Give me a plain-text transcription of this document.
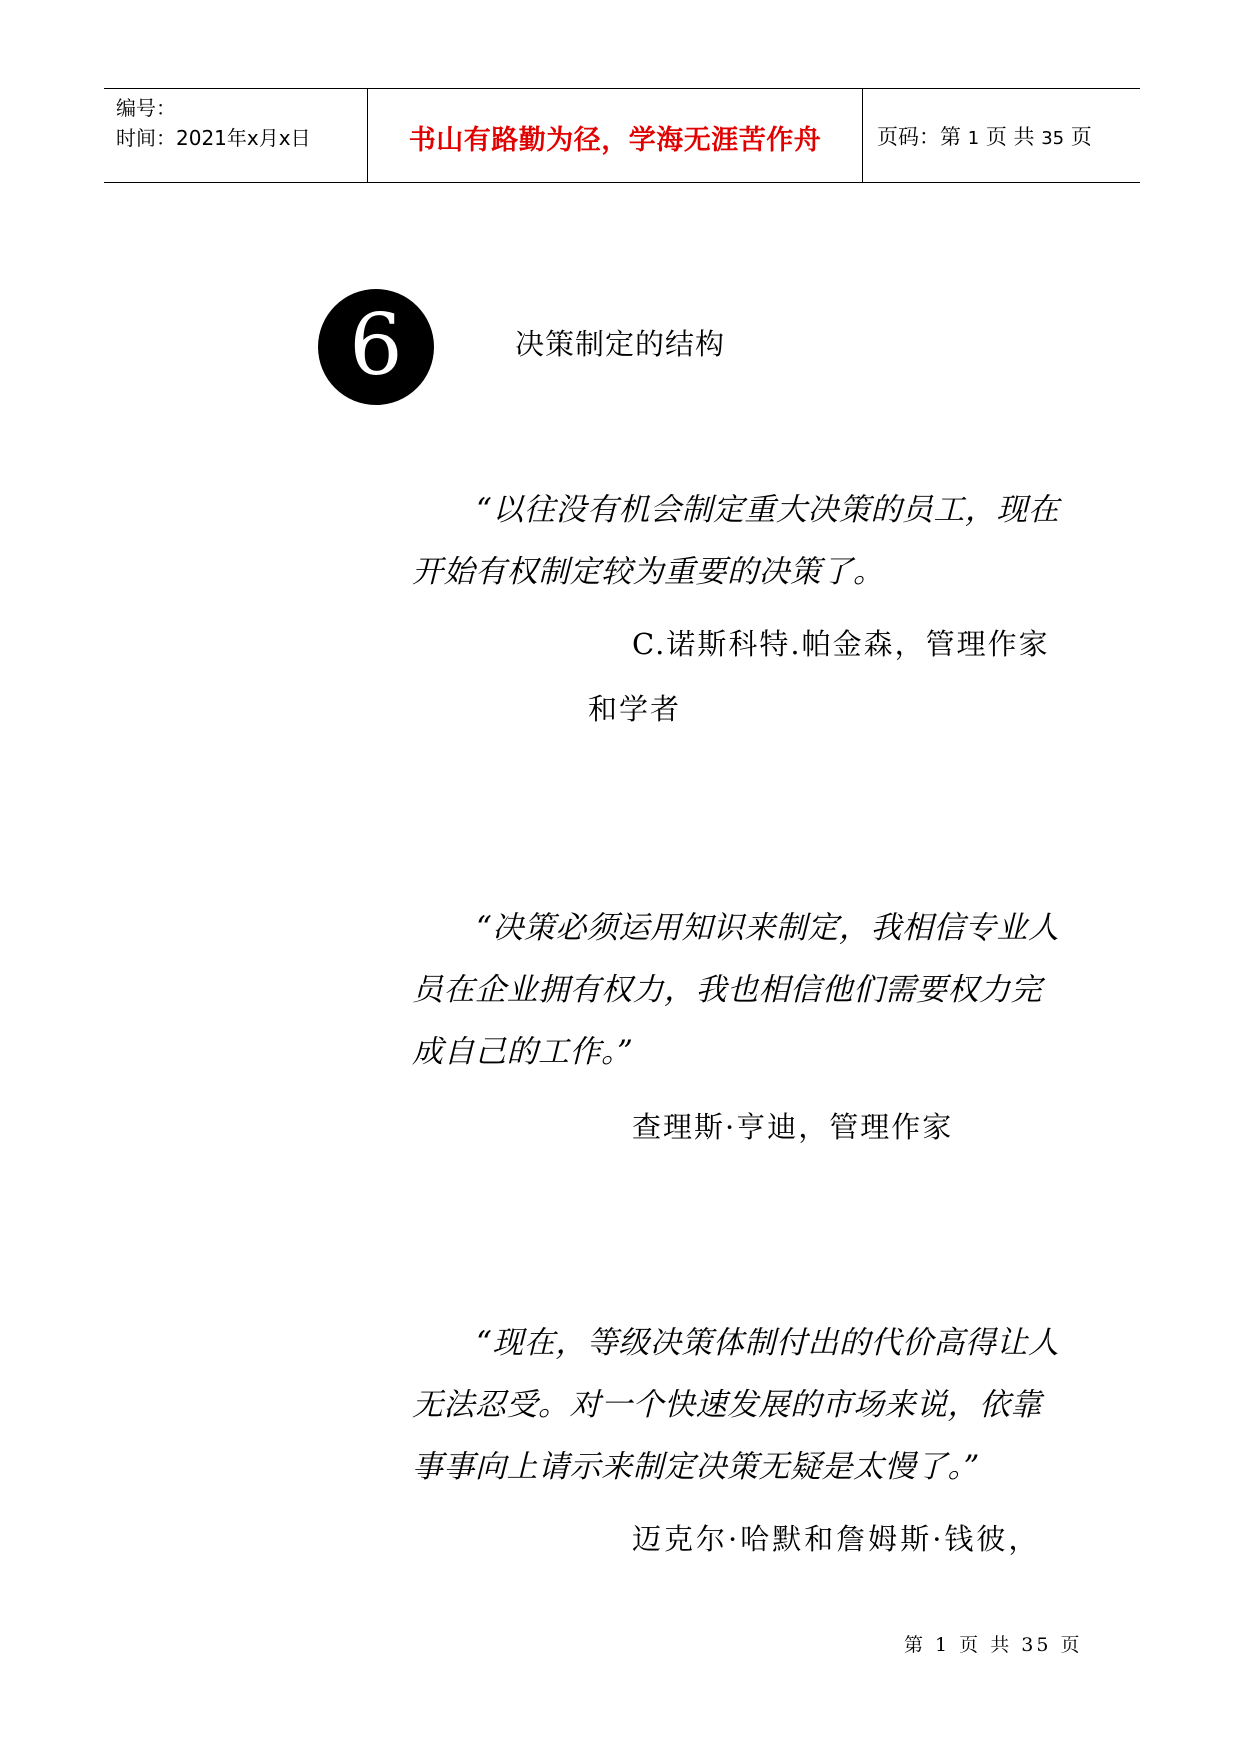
编号：
时间：2021年x月x日	书山有路勤为径，学海无涯苦作舟	页码：第 1 页 共 35 页
6	决策制定的结构
“以往没有机会制定重大决策的员工，现在开始有权制定较为重要的决策了。
C.诺斯科特.帕金森，管理作家
和学者
“决策必须运用知识来制定，我相信专业人员在企业拥有权力，我也相信他们需要权力完成自己的工作。”
查理斯·亨迪，管理作家
“现在，等级决策体制付出的代价高得让人无法忍受。对一个快速发展的市场来说，依靠事事向上请示来制定决策无疑是太慢了。”
迈克尔·哈默和詹姆斯·钱彼，
第 1 页 共 35 页
